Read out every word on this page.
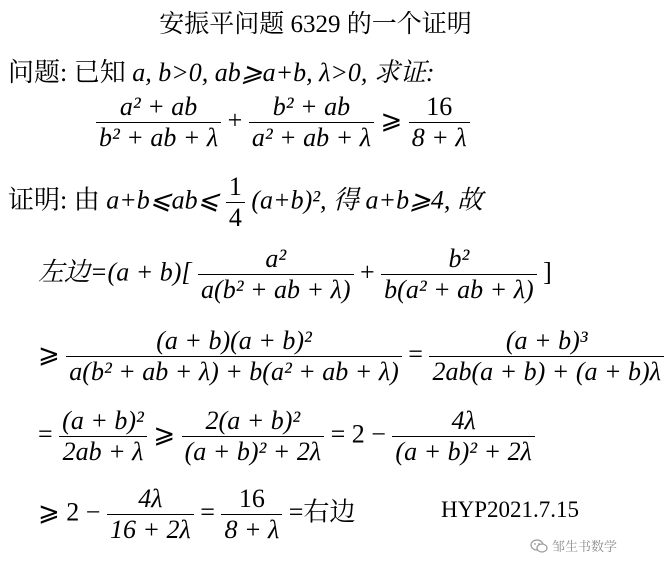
安振平问题 6329 的一个证明
问题: 已知 a, b>0, ab⩾a+b, λ>0, 求证:
$\frac{\text{a² + ab}}{\text{b² + ab + λ}} + \frac{\text{b² + ab}}{\text{a² + ab + λ}}$ ⩾ $\frac{16}{8 + \lambda}$
证明: 由 a+b⩽ab⩽ $\frac{1}{4} (a+b)^2$, 得 a+b⩾4, 故
左边$=(a + b)[ \frac{\text{a²}}{\text{a(b² + ab + λ)}} + \frac{\text{b²}}{\text{b(a² + ab + λ)}}$ ]
⩾ $\frac{\text{(a + b)(a + b)²}}{\text{a(b² + ab + λ) + b(a² + ab + λ)}} = \frac{\text{(a + b)³}}{2ab(a + b) + (a + b)\lambda}$
= $\frac{\text{(a + b)²}}{2ab + \lambda}$ ⩾ $\frac{\text{2(a + b)²}}{\text{(a + b)² + 2λ}} = 2 - \frac{4\lambda}{\text{(a + b)² + 2λ}}$
⩾ $2 - \frac{4\lambda}{16 + 2\lambda} = \frac{16}{8 + \lambda}$ =右边	HYP2021.7.15
邹生书数学
